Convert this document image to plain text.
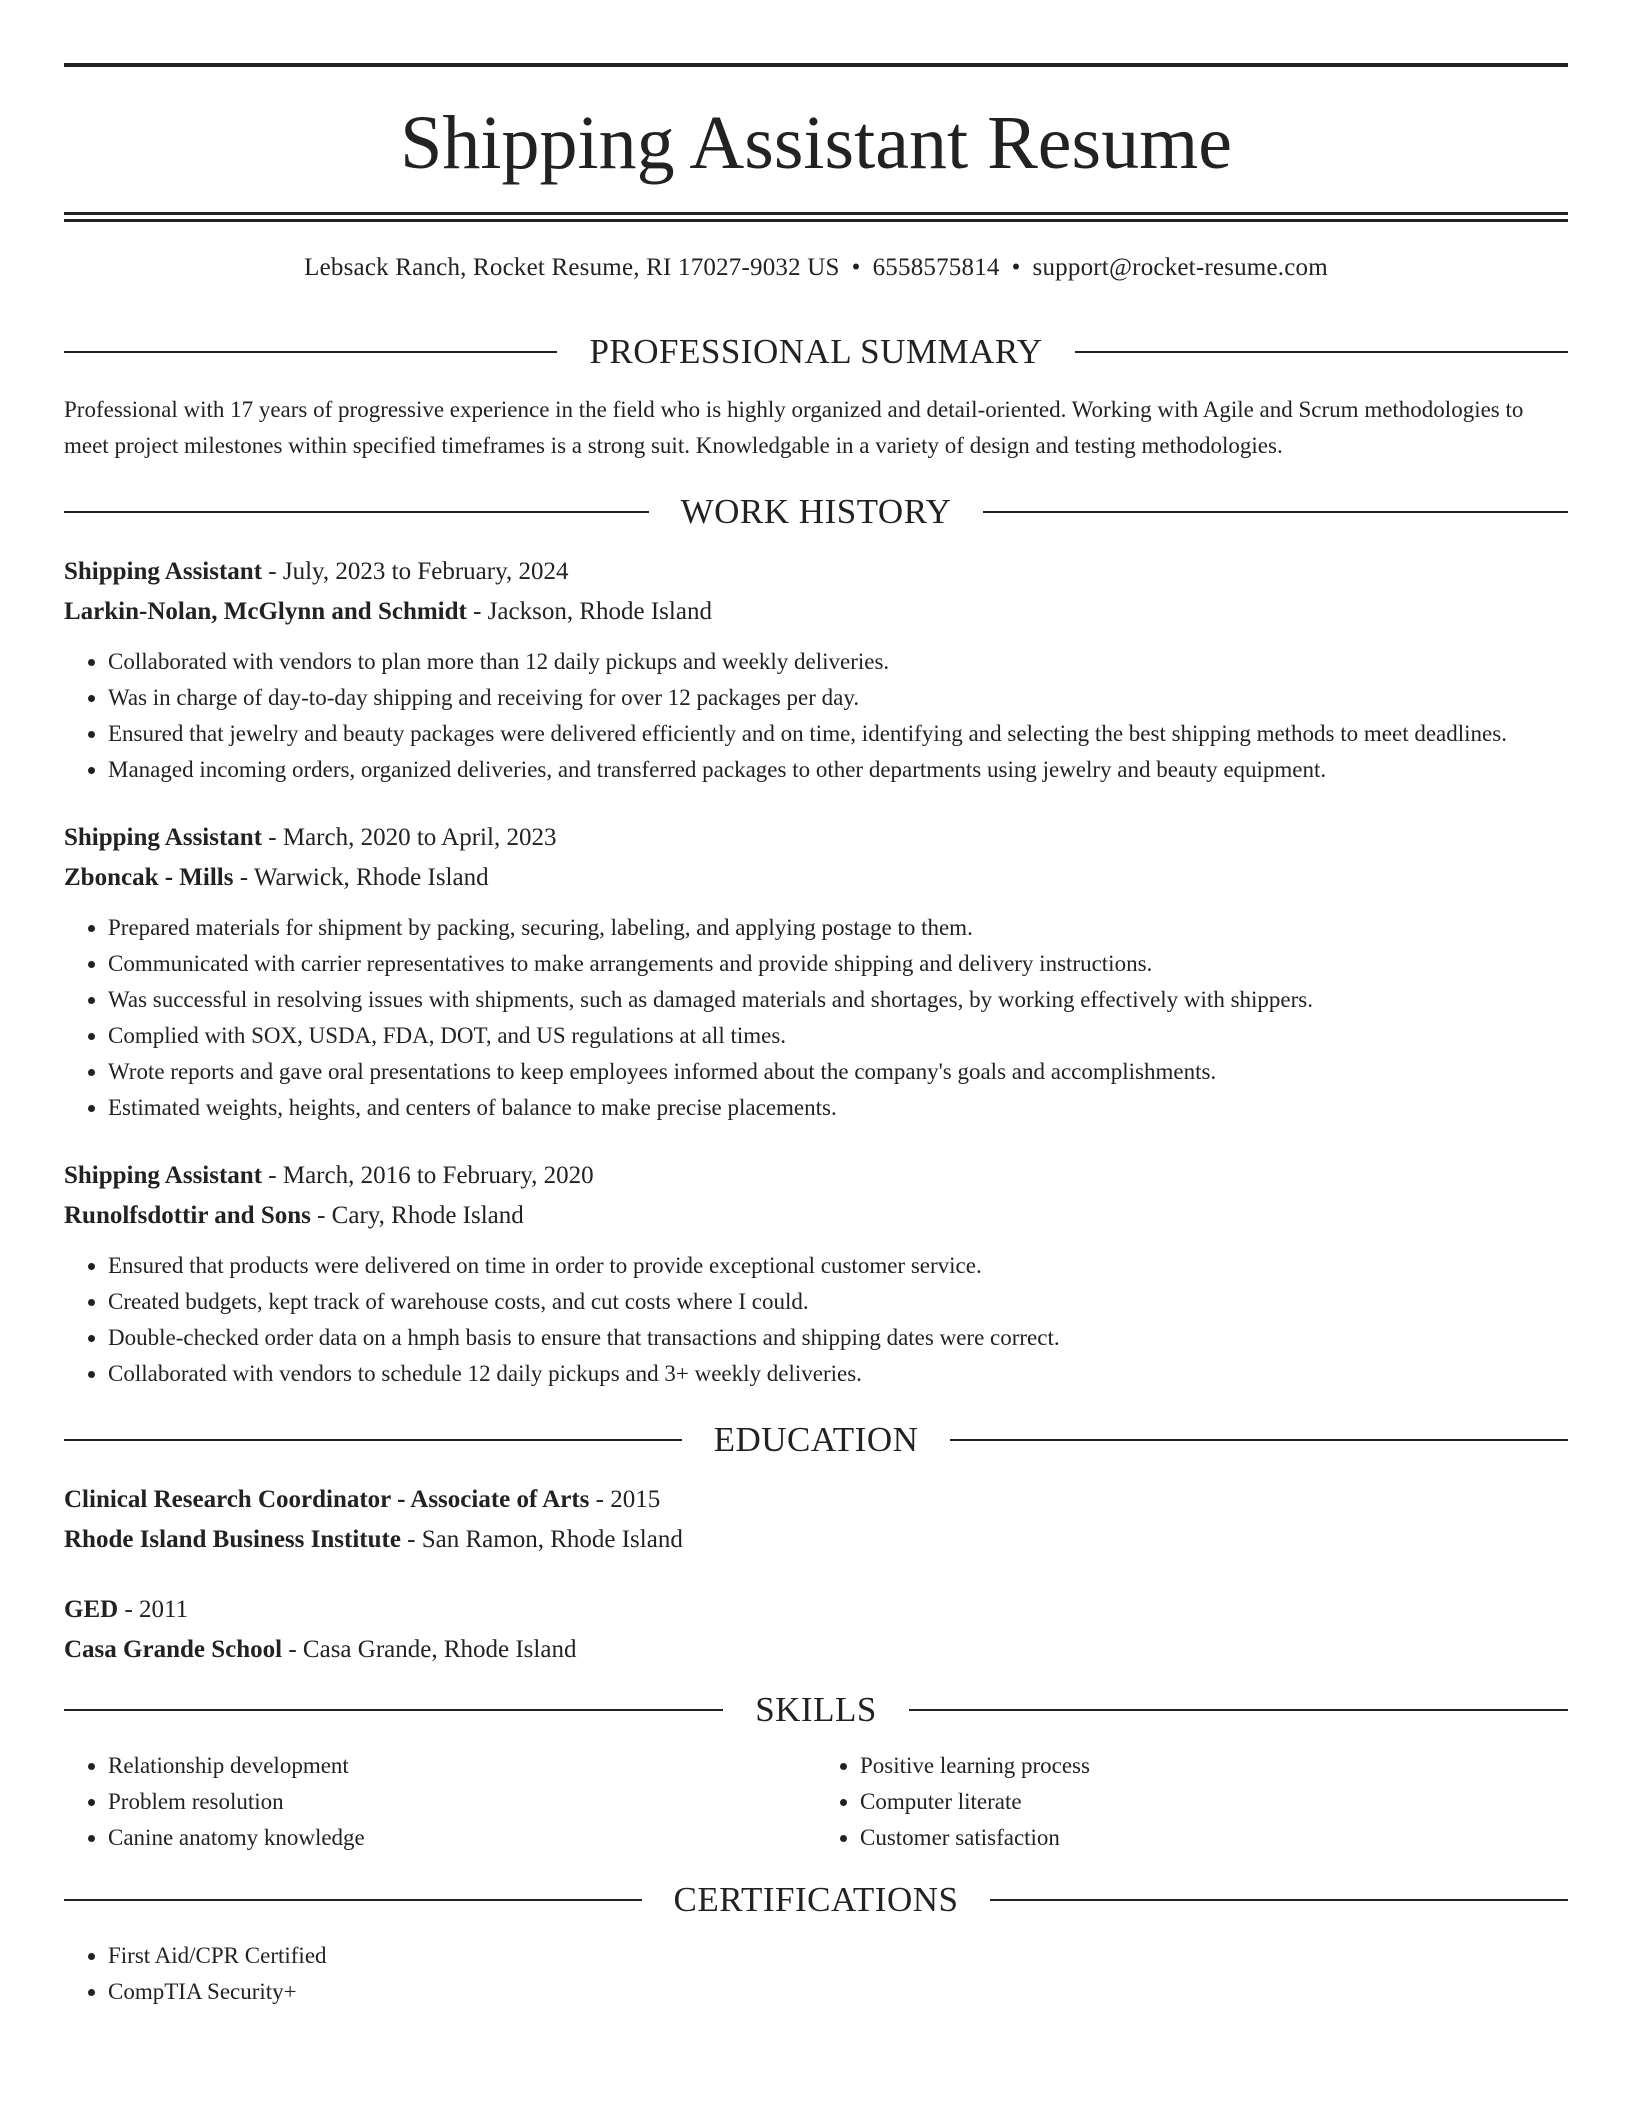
Shipping Assistant Resume
Lebsack Ranch, Rocket Resume, RI 17027-9032 US • 6558575814 • support@rocket-resume.com
PROFESSIONAL SUMMARY
Professional with 17 years of progressive experience in the field who is highly organized and detail-oriented. Working with Agile and Scrum methodologies to meet project milestones within specified timeframes is a strong suit. Knowledgable in a variety of design and testing methodologies.
WORK HISTORY
Shipping Assistant - July, 2023 to February, 2024
Larkin-Nolan, McGlynn and Schmidt - Jackson, Rhode Island
• Collaborated with vendors to plan more than 12 daily pickups and weekly deliveries.
• Was in charge of day-to-day shipping and receiving for over 12 packages per day.
• Ensured that jewelry and beauty packages were delivered efficiently and on time, identifying and selecting the best shipping methods to meet deadlines.
• Managed incoming orders, organized deliveries, and transferred packages to other departments using jewelry and beauty equipment.
Shipping Assistant - March, 2020 to April, 2023
Zboncak - Mills - Warwick, Rhode Island
• Prepared materials for shipment by packing, securing, labeling, and applying postage to them.
• Communicated with carrier representatives to make arrangements and provide shipping and delivery instructions.
• Was successful in resolving issues with shipments, such as damaged materials and shortages, by working effectively with shippers.
• Complied with SOX, USDA, FDA, DOT, and US regulations at all times.
• Wrote reports and gave oral presentations to keep employees informed about the company's goals and accomplishments.
• Estimated weights, heights, and centers of balance to make precise placements.
Shipping Assistant - March, 2016 to February, 2020
Runolfsdottir and Sons - Cary, Rhode Island
• Ensured that products were delivered on time in order to provide exceptional customer service.
• Created budgets, kept track of warehouse costs, and cut costs where I could.
• Double-checked order data on a hmph basis to ensure that transactions and shipping dates were correct.
• Collaborated with vendors to schedule 12 daily pickups and 3+ weekly deliveries.
EDUCATION
Clinical Research Coordinator - Associate of Arts - 2015
Rhode Island Business Institute - San Ramon, Rhode Island
GED - 2011
Casa Grande School - Casa Grande, Rhode Island
SKILLS
• Relationship development
• Problem resolution
• Canine anatomy knowledge
• Positive learning process
• Computer literate
• Customer satisfaction
CERTIFICATIONS
• First Aid/CPR Certified
• CompTIA Security+
